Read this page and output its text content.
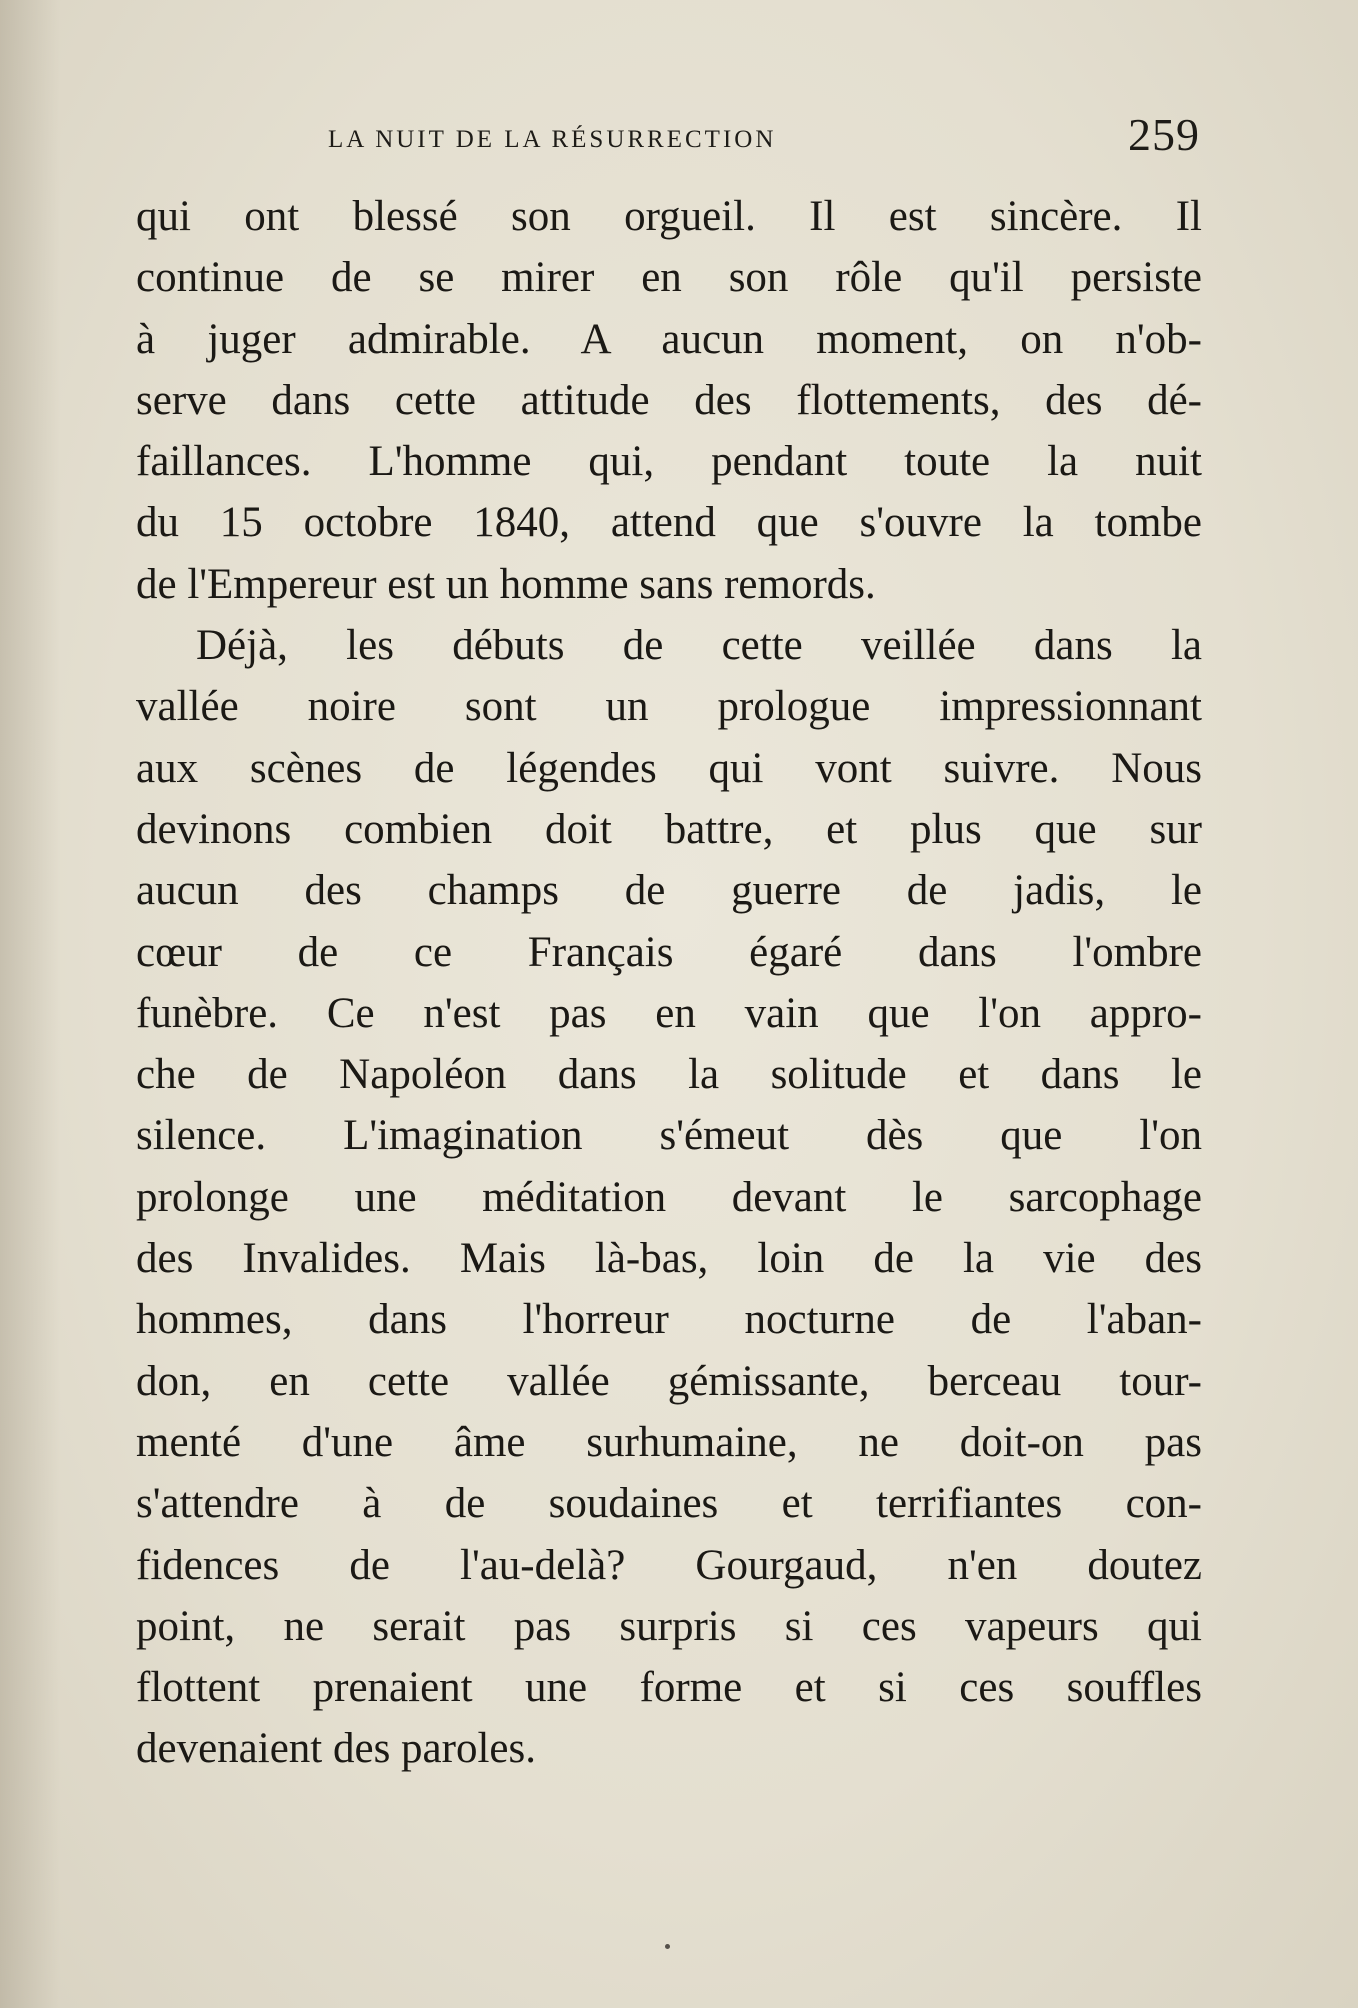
LA NUIT DE LA RÉSURRECTION	259
qui ont blessé son orgueil. Il est sincère. Il
continue de se mirer en son rôle qu'il persiste
à juger admirable. A aucun moment, on n'ob-
serve dans cette attitude des flottements, des dé-
faillances. L'homme qui, pendant toute la nuit
du 15 octobre 1840, attend que s'ouvre la tombe
de l'Empereur est un homme sans remords.
Déjà, les débuts de cette veillée dans la
vallée noire sont un prologue impressionnant
aux scènes de légendes qui vont suivre. Nous
devinons combien doit battre, et plus que sur
aucun des champs de guerre de jadis, le
cœur de ce Français égaré dans l'ombre
funèbre. Ce n'est pas en vain que l'on appro-
che de Napoléon dans la solitude et dans le
silence. L'imagination s'émeut dès que l'on
prolonge une méditation devant le sarcophage
des Invalides. Mais là-bas, loin de la vie des
hommes, dans l'horreur nocturne de l'aban-
don, en cette vallée gémissante, berceau tour-
menté d'une âme surhumaine, ne doit-on pas
s'attendre à de soudaines et terrifiantes con-
fidences de l'au-delà? Gourgaud, n'en doutez
point, ne serait pas surpris si ces vapeurs qui
flottent prenaient une forme et si ces souffles
devenaient des paroles.
